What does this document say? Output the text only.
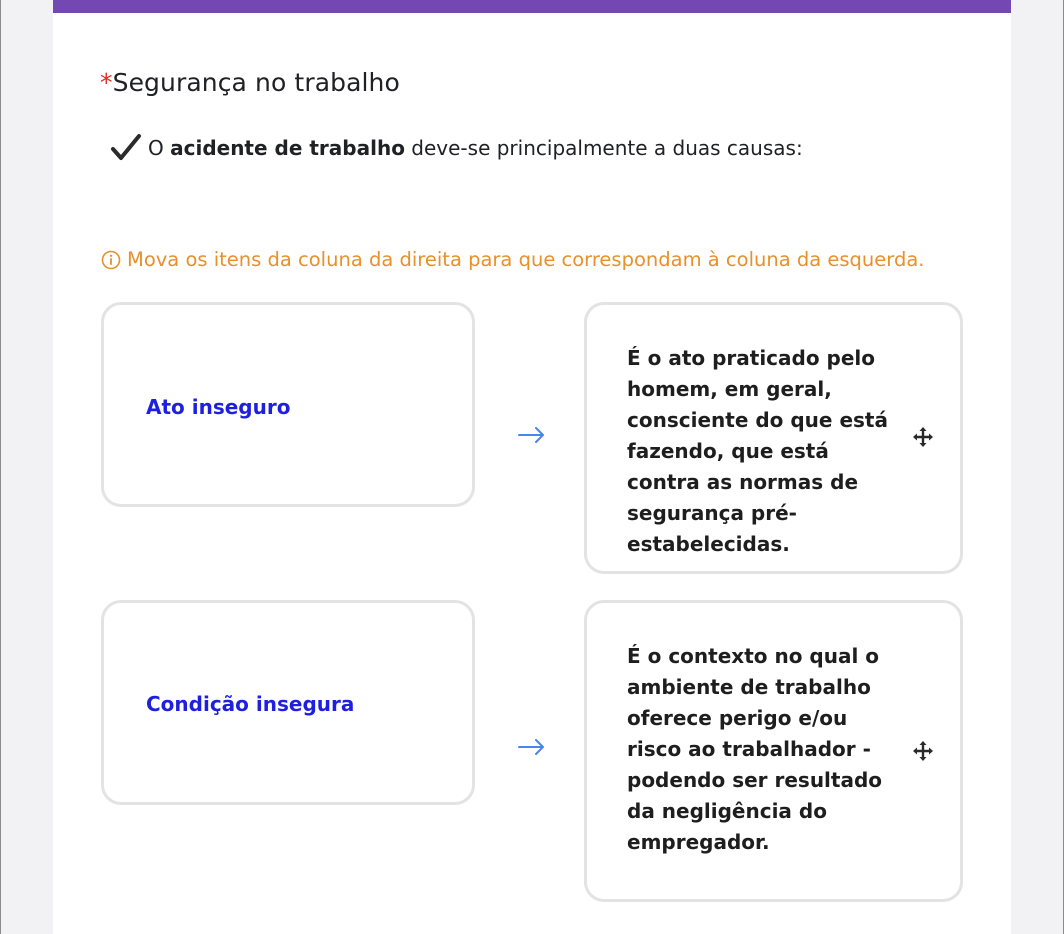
*Segurança no trabalho
O acidente de trabalho deve-se principalmente a duas causas:
Mova os itens da coluna da direita para que correspondam à coluna da esquerda.
Ato inseguro
É o ato praticado pelo homem, em geral, consciente do que está fazendo, que está contra as normas de segurança pré-estabelecidas.
Condição insegura
É o contexto no qual o ambiente de trabalho oferece perigo e/ou risco ao trabalhador - podendo ser resultado da negligência do empregador.
